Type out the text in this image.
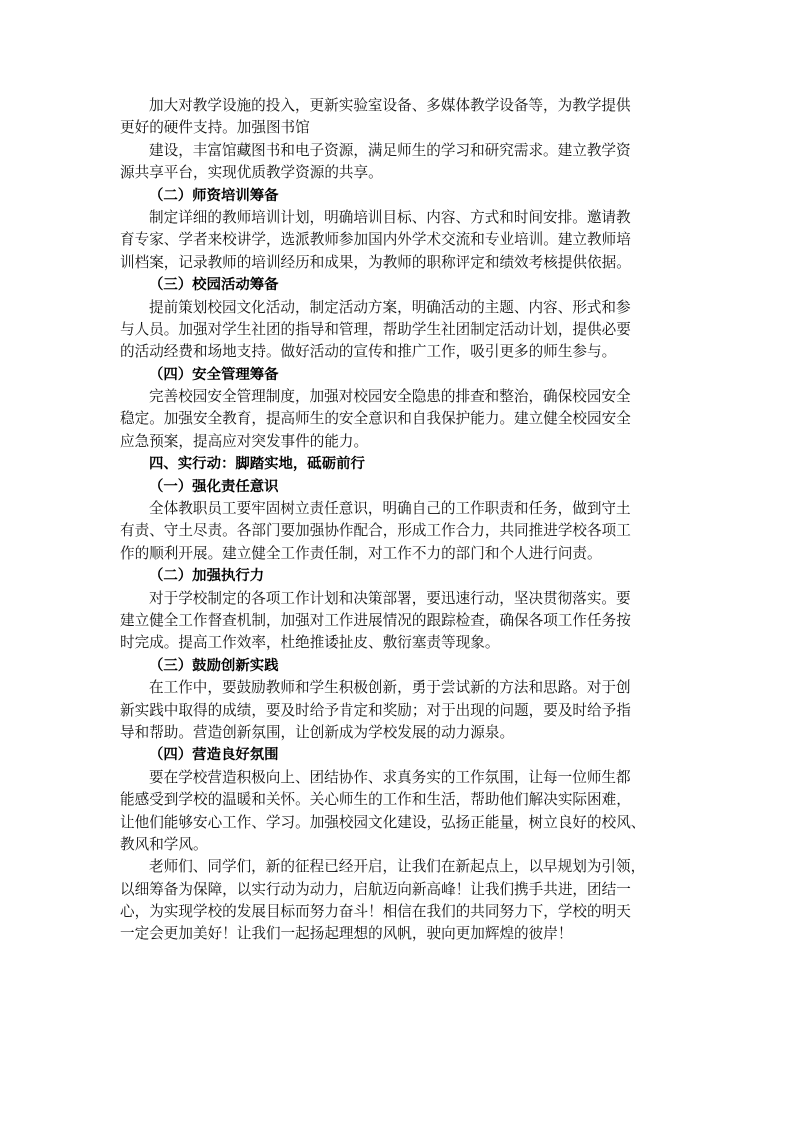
加大对教学设施的投入，更新实验室设备、多媒体教学设备等，为教学提供
更好的硬件支持。加强图书馆
建设，丰富馆藏图书和电子资源，满足师生的学习和研究需求。建立教学资
源共享平台，实现优质教学资源的共享。
（二）师资培训筹备
制定详细的教师培训计划，明确培训目标、内容、方式和时间安排。邀请教
育专家、学者来校讲学，选派教师参加国内外学术交流和专业培训。建立教师培
训档案，记录教师的培训经历和成果，为教师的职称评定和绩效考核提供依据。
（三）校园活动筹备
提前策划校园文化活动，制定活动方案，明确活动的主题、内容、形式和参
与人员。加强对学生社团的指导和管理，帮助学生社团制定活动计划，提供必要
的活动经费和场地支持。做好活动的宣传和推广工作，吸引更多的师生参与。
（四）安全管理筹备
完善校园安全管理制度，加强对校园安全隐患的排查和整治，确保校园安全
稳定。加强安全教育，提高师生的安全意识和自我保护能力。建立健全校园安全
应急预案，提高应对突发事件的能力。
四、实行动：脚踏实地，砥砺前行
（一）强化责任意识
全体教职员工要牢固树立责任意识，明确自己的工作职责和任务，做到守土
有责、守土尽责。各部门要加强协作配合，形成工作合力，共同推进学校各项工
作的顺利开展。建立健全工作责任制，对工作不力的部门和个人进行问责。
（二）加强执行力
对于学校制定的各项工作计划和决策部署，要迅速行动，坚决贯彻落实。要
建立健全工作督查机制，加强对工作进展情况的跟踪检查，确保各项工作任务按
时完成。提高工作效率，杜绝推诿扯皮、敷衍塞责等现象。
（三）鼓励创新实践
在工作中，要鼓励教师和学生积极创新，勇于尝试新的方法和思路。对于创
新实践中取得的成绩，要及时给予肯定和奖励；对于出现的问题，要及时给予指
导和帮助。营造创新氛围，让创新成为学校发展的动力源泉。
（四）营造良好氛围
要在学校营造积极向上、团结协作、求真务实的工作氛围，让每一位师生都
能感受到学校的温暖和关怀。关心师生的工作和生活，帮助他们解决实际困难，
让他们能够安心工作、学习。加强校园文化建设，弘扬正能量，树立良好的校风、
教风和学风。
老师们、同学们，新的征程已经开启，让我们在新起点上，以早规划为引领，
以细筹备为保障，以实行动为动力，启航迈向新高峰！让我们携手共进，团结一
心，为实现学校的发展目标而努力奋斗！相信在我们的共同努力下，学校的明天
一定会更加美好！让我们一起扬起理想的风帆，驶向更加辉煌的彼岸！
